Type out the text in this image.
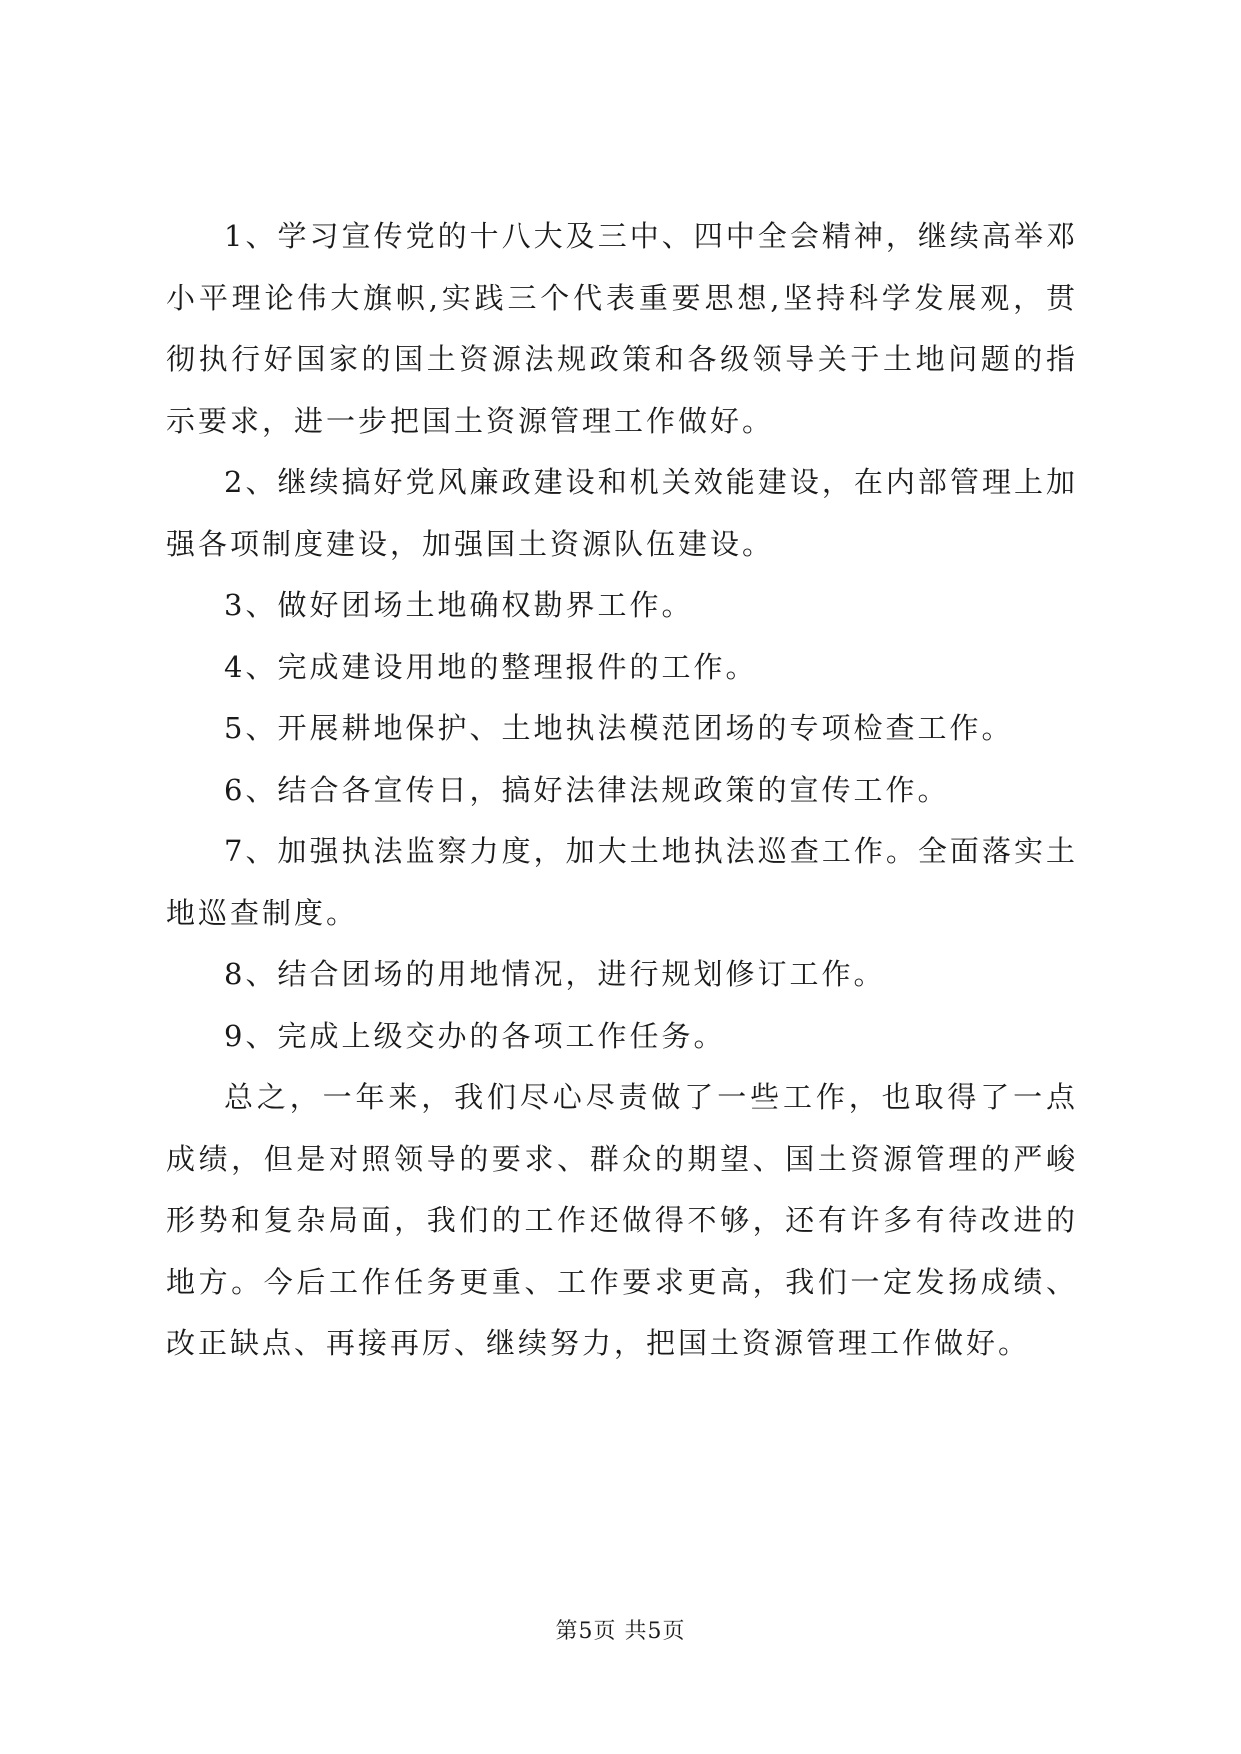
1、学习宣传党的十八大及三中、四中全会精神，继续高举邓小平理论伟大旗帜,实践三个代表重要思想,坚持科学发展观，贯彻执行好国家的国土资源法规政策和各级领导关于土地问题的指示要求，进一步把国土资源管理工作做好。

2、继续搞好党风廉政建设和机关效能建设，在内部管理上加强各项制度建设，加强国土资源队伍建设。

3、做好团场土地确权勘界工作。

4、完成建设用地的整理报件的工作。

5、开展耕地保护、土地执法模范团场的专项检查工作。

6、结合各宣传日，搞好法律法规政策的宣传工作。

7、加强执法监察力度，加大土地执法巡查工作。全面落实土地巡查制度。

8、结合团场的用地情况，进行规划修订工作。

9、完成上级交办的各项工作任务。

总之，一年来，我们尽心尽责做了一些工作，也取得了一点成绩，但是对照领导的要求、群众的期望、国土资源管理的严峻形势和复杂局面，我们的工作还做得不够，还有许多有待改进的地方。今后工作任务更重、工作要求更高，我们一定发扬成绩、改正缺点、再接再厉、继续努力，把国土资源管理工作做好。

第5页 共5页
